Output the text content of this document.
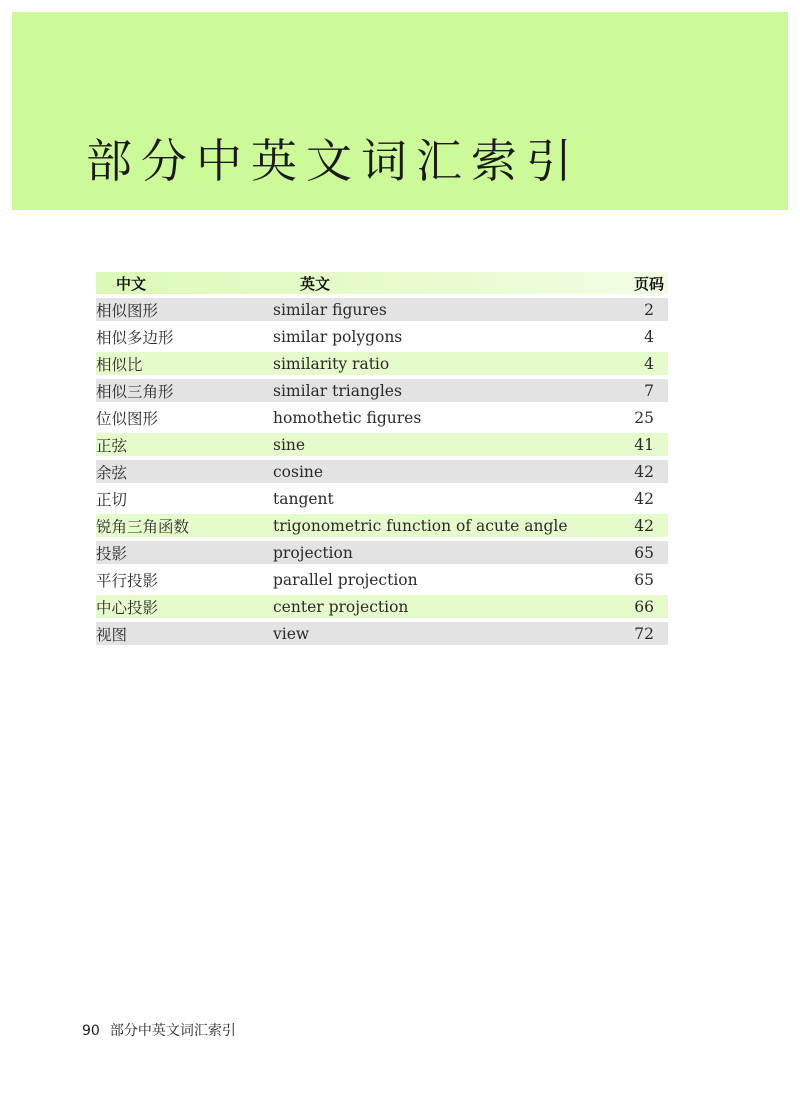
部分中英文词汇索引
中文	英文	页码
相似图形	similar figures	2
相似多边形	similar polygons	4
相似比	similarity ratio	4
相似三角形	similar triangles	7
位似图形	homothetic figures	25
正弦	sine	41
余弦	cosine	42
正切	tangent	42
锐角三角函数	trigonometric function of acute angle	42
投影	projection	65
平行投影	parallel projection	65
中心投影	center projection	66
视图	view	72
90 部分中英文词汇索引
